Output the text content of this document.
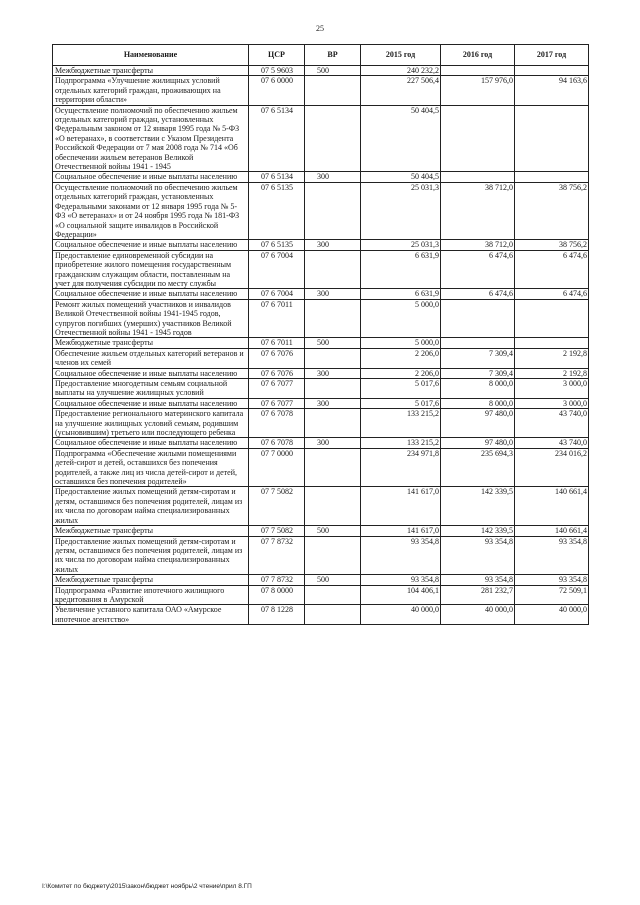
25
Наименование	ЦСР	ВР	2015 год	2016 год	2017 год
Межбюджетные трансферты	07 5 9603	500	240 232,2		
Подпрограмма «Улучшение жилищных условий отдельных категорий граждан, проживающих на территории области»	07 6 0000		227 506,4	157 976,0	94 163,6
Осуществление полномочий по обеспечению жильем отдельных категорий граждан, установленных Федеральным законом от 12 января 1995 года № 5-ФЗ «О ветеранах», в соответствии с Указом Президента Российской Федерации от 7 мая 2008 года № 714 «Об обеспечении жильем ветеранов Великой Отечественной войны 1941 - 1945	07 6 5134		50 404,5		
Социальное обеспечение и иные выплаты населению	07 6 5134	300	50 404,5		
Осуществление полномочий по обеспечению жильем отдельных категорий граждан, установленных Федеральными законами от 12 января 1995 года № 5-ФЗ «О ветеранах» и от 24 ноября 1995 года № 181-ФЗ «О социальной защите инвалидов в Российской Федерации»	07 6 5135		25 031,3	38 712,0	38 756,2
Социальное обеспечение и иные выплаты населению	07 6 5135	300	25 031,3	38 712,0	38 756,2
Предоставление единовременной субсидии на приобретение жилого помещения государственным гражданским служащим области, поставленным на учет для получения субсидии по месту службы	07 6 7004		6 631,9	6 474,6	6 474,6
Социальное обеспечение и иные выплаты населению	07 6 7004	300	6 631,9	6 474,6	6 474,6
Ремонт жилых помещений участников и инвалидов Великой Отечественной войны 1941-1945 годов, супругов погибших (умерших) участников Великой Отечественной войны 1941 - 1945 годов	07 6 7011		5 000,0		
Межбюджетные трансферты	07 6 7011	500	5 000,0		
Обеспечение жильем отдельных категорий ветеранов и членов их семей	07 6 7076		2 206,0	7 309,4	2 192,8
Социальное обеспечение и иные выплаты населению	07 6 7076	300	2 206,0	7 309,4	2 192,8
Предоставление многодетным семьям социальной выплаты на улучшение жилищных условий	07 6 7077		5 017,6	8 000,0	3 000,0
Социальное обеспечение и иные выплаты населению	07 6 7077	300	5 017,6	8 000,0	3 000,0
Предоставление регионального материнского капитала на улучшение жилищных условий семьям, родившим (усыновившим) третьего или последующего ребенка	07 6 7078		133 215,2	97 480,0	43 740,0
Социальное обеспечение и иные выплаты населению	07 6 7078	300	133 215,2	97 480,0	43 740,0
Подпрограмма «Обеспечение жилыми помещениями детей-сирот и детей, оставшихся без попечения родителей, а также лиц из числа детей-сирот и детей, оставшихся без попечения родителей»	07 7 0000		234 971,8	235 694,3	234 016,2
Предоставление жилых помещений детям-сиротам и детям, оставшимся без попечения родителей, лицам из их числа по договорам найма специализированных жилых	07 7 5082		141 617,0	142 339,5	140 661,4
Межбюджетные трансферты	07 7 5082	500	141 617,0	142 339,5	140 661,4
Предоставление жилых помещений детям-сиротам и детям, оставшимся без попечения родителей, лицам из их числа по договорам найма специализированных жилых	07 7 8732		93 354,8	93 354,8	93 354,8
Межбюджетные трансферты	07 7 8732	500	93 354,8	93 354,8	93 354,8
Подпрограмма «Развитие ипотечного жилищного кредитования в Амурской	07 8 0000		104 406,1	281 232,7	72 509,1
Увеличение уставного капитала ОАО «Амурское ипотечное агентство»	07 8 1228		40 000,0	40 000,0	40 000,0
I:\Комитет по бюджету\2015\закон\бюджет ноябрь\2 чтение\прил 8.ГП
